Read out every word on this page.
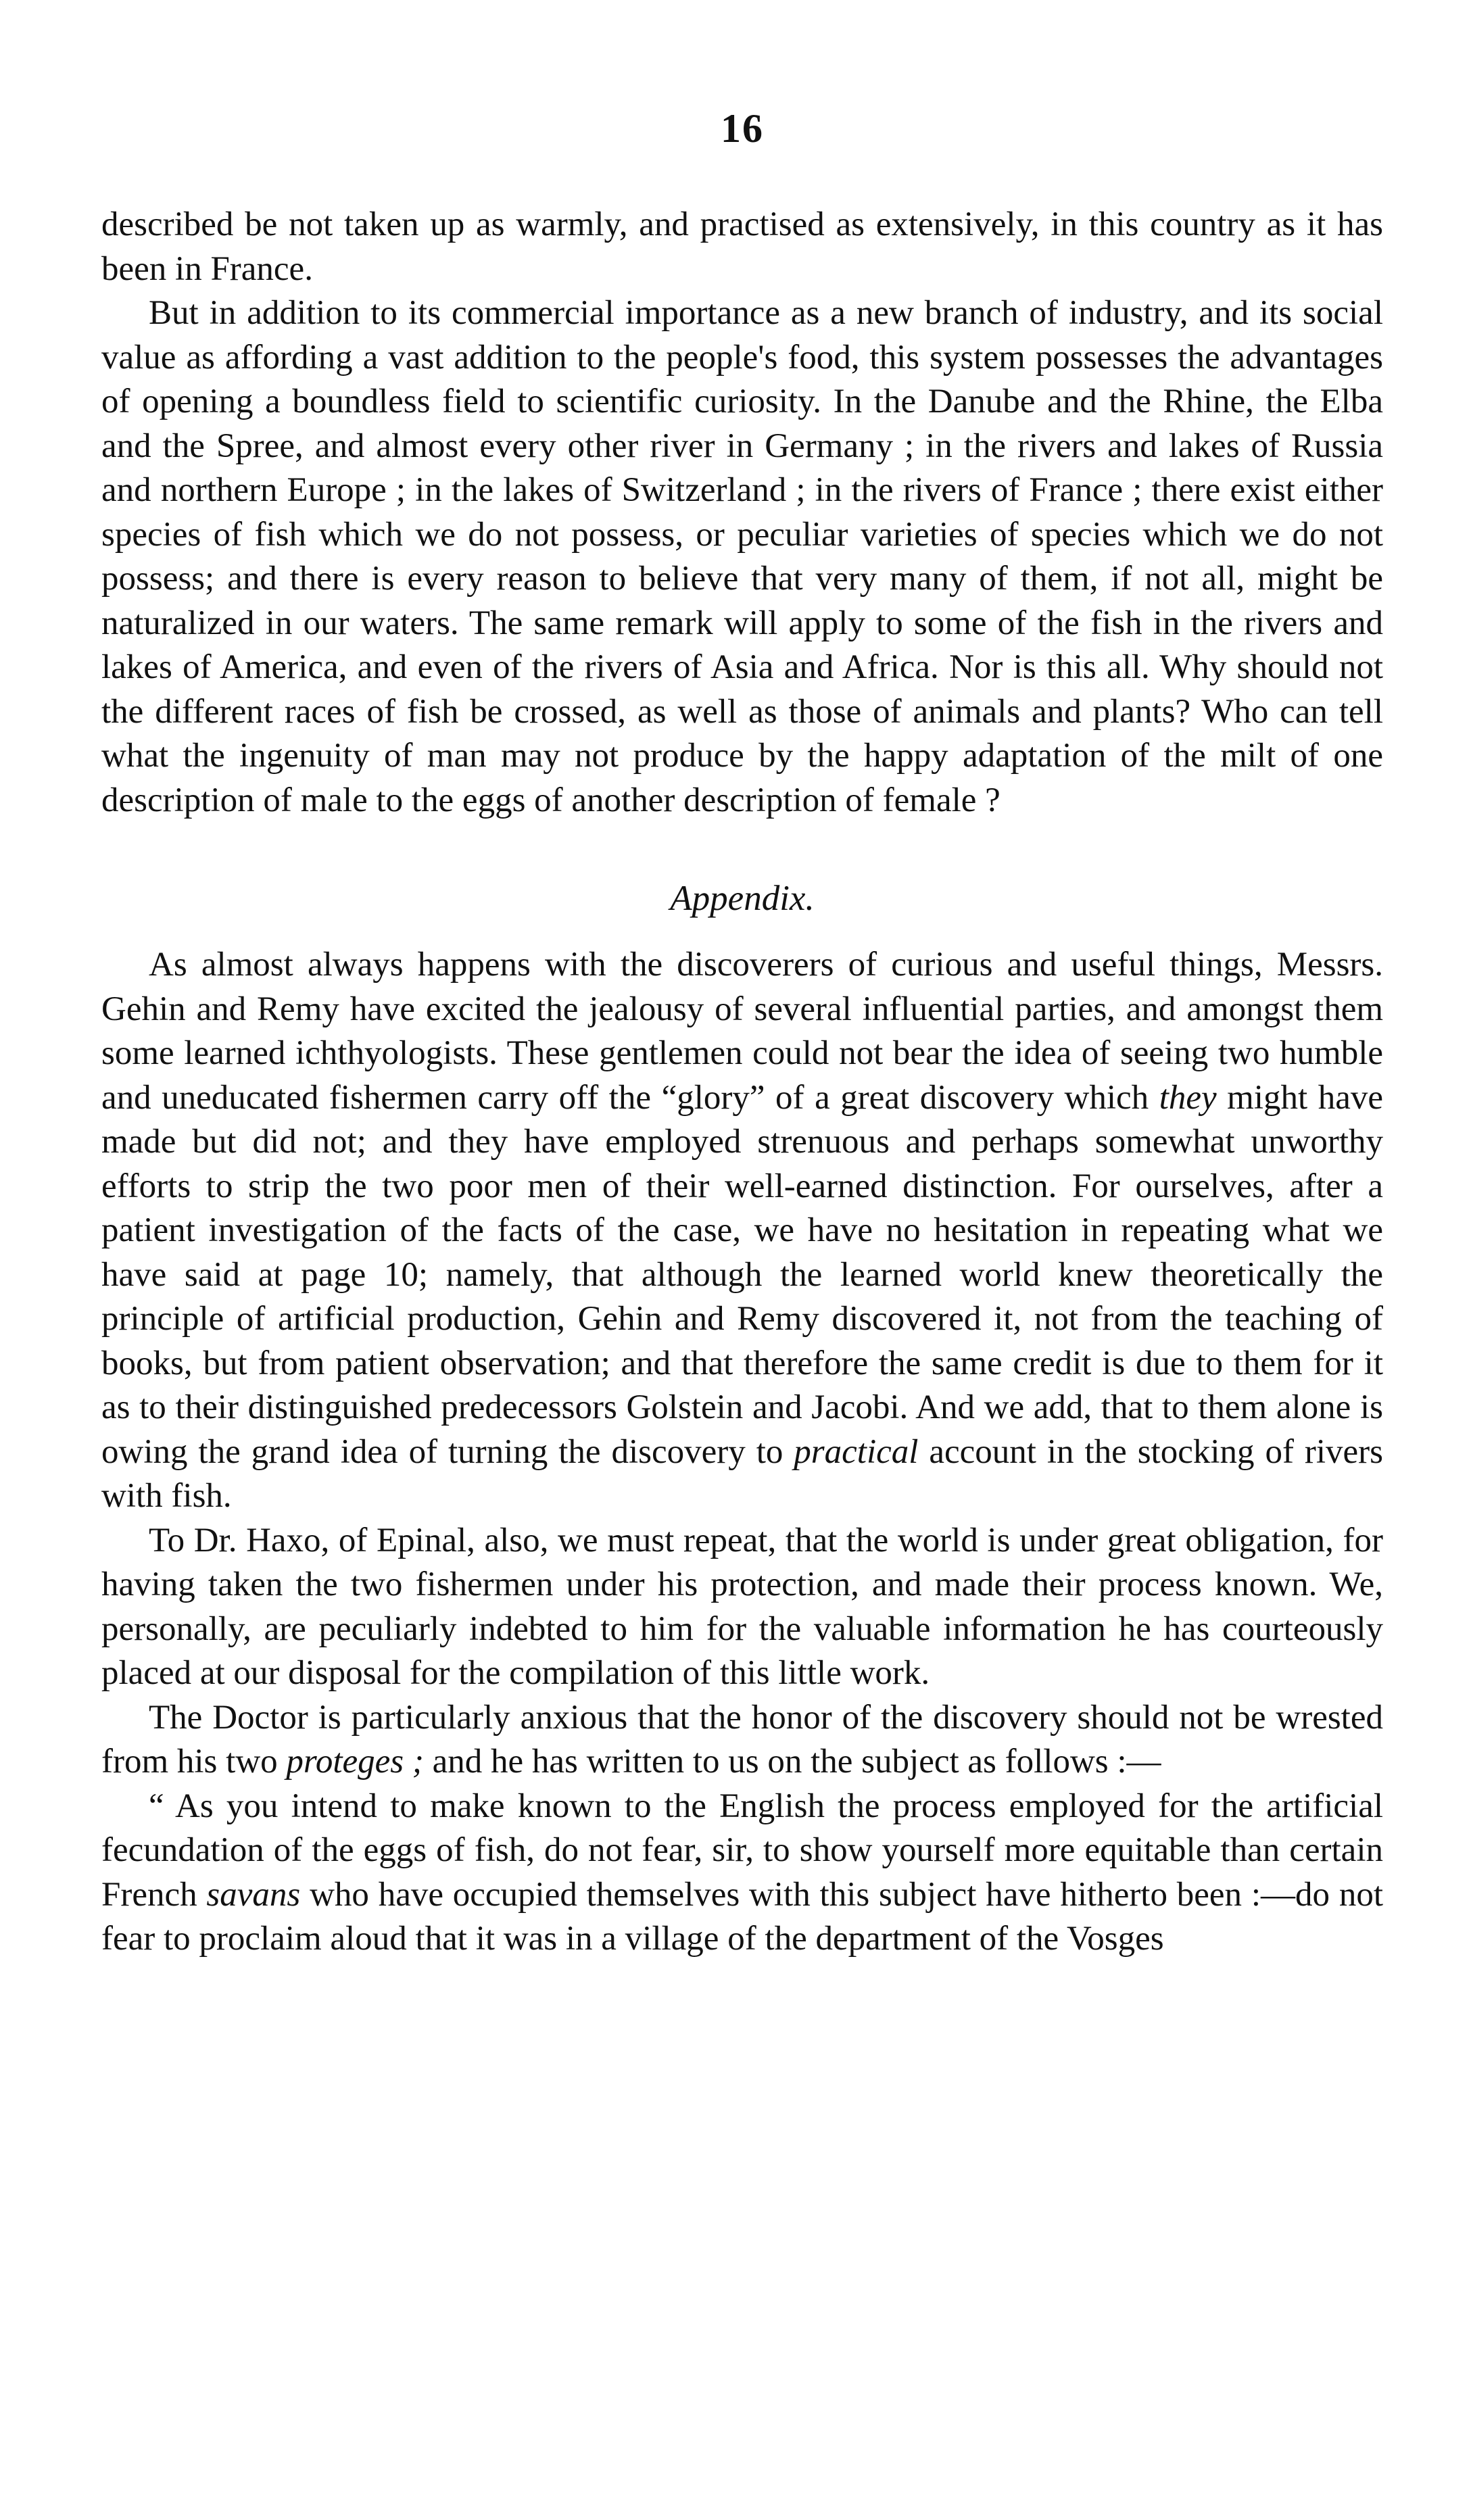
16

described be not taken up as warmly, and practised as extensively, in this country as it has been in France.

But in addition to its commercial importance as a new branch of industry, and its social value as affording a vast addition to the people's food, this system possesses the advantages of opening a boundless field to scientific curiosity. In the Danube and the Rhine, the Elba and the Spree, and almost every other river in Germany ; in the rivers and lakes of Russia and northern Europe ; in the lakes of Switzerland ; in the rivers of France ; there exist either species of fish which we do not possess, or peculiar varieties of species which we do not possess; and there is every reason to believe that very many of them, if not all, might be naturalized in our waters. The same remark will apply to some of the fish in the rivers and lakes of America, and even of the rivers of Asia and Africa. Nor is this all. Why should not the different races of fish be crossed, as well as those of animals and plants? Who can tell what the ingenuity of man may not produce by the happy adaptation of the milt of one description of male to the eggs of another description of female ?

Appendix.

As almost always happens with the discoverers of curious and useful things, Messrs. Gehin and Remy have excited the jealousy of several influential parties, and amongst them some learned ichthyologists. These gentlemen could not bear the idea of seeing two humble and uneducated fishermen carry off the “glory” of a great discovery which they might have made but did not; and they have employed strenuous and perhaps somewhat unworthy efforts to strip the two poor men of their well-earned distinction. For ourselves, after a patient investigation of the facts of the case, we have no hesitation in repeating what we have said at page 10; namely, that although the learned world knew theoretically the principle of artificial production, Gehin and Remy discovered it, not from the teaching of books, but from patient observation; and that therefore the same credit is due to them for it as to their distinguished predecessors Golstein and Jacobi. And we add, that to them alone is owing the grand idea of turning the discovery to practical account in the stocking of rivers with fish.

To Dr. Haxo, of Epinal, also, we must repeat, that the world is under great obligation, for having taken the two fishermen under his protection, and made their process known. We, personally, are peculiarly indebted to him for the valuable information he has courteously placed at our disposal for the compilation of this little work.

The Doctor is particularly anxious that the honor of the discovery should not be wrested from his two proteges ; and he has written to us on the subject as follows :—

“ As you intend to make known to the English the process employed for the artificial fecundation of the eggs of fish, do not fear, sir, to show yourself more equitable than certain French savans who have occupied themselves with this subject have hitherto been :—do not fear to proclaim aloud that it was in a village of the department of the Vosges
